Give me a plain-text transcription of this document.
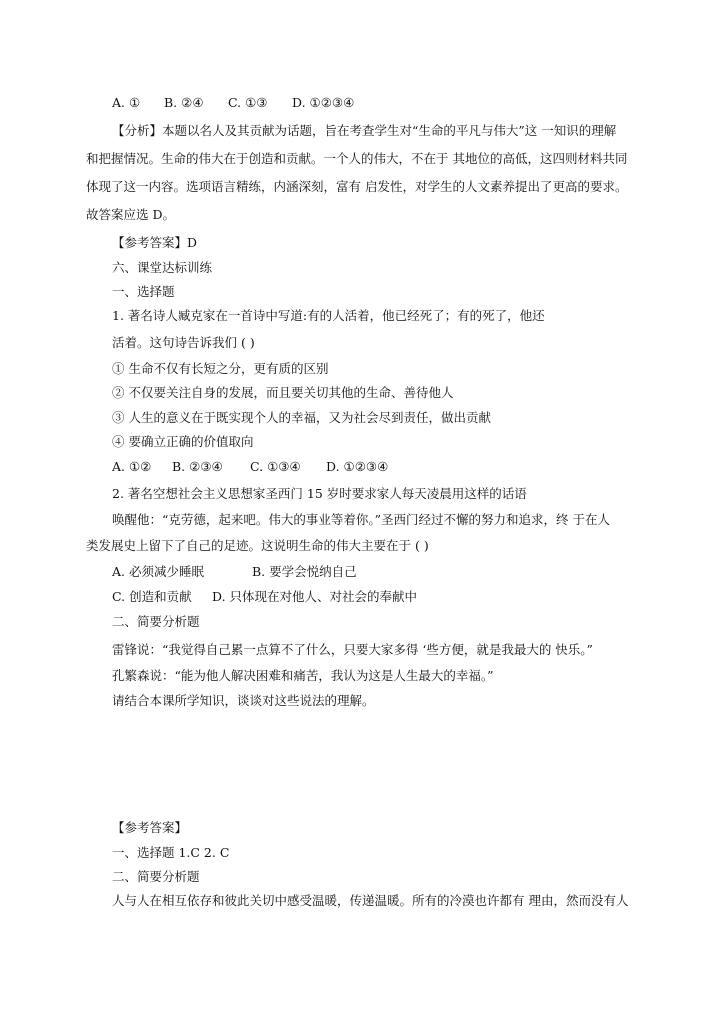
A. ① B. ②④ C. ①③ D. ①②③④
【分析】本题以名人及其贡献为话题，旨在考查学生对“生命的平凡与伟大”这 一知识的理解
和把握情况。生命的伟大在于创造和贡献。一个人的伟大，不在于 其地位的高低，这四则材料共同
体现了这一内容。选项语言精练，内涵深刻，富有 启发性，对学生的人文素养提出了更高的要求。
故答案应选 D。
【参考答案】D
六、课堂达标训练
一、选择题
1. 著名诗人臧克家在一首诗中写道:有的人活着，他已经死了；有的死了，他还
活着。这句诗告诉我们 ( )
① 生命不仅有长短之分，更有质的区别
② 不仅要关注自身的发展，而且要关切其他的生命、善待他人
③ 人生的意义在于既实现个人的幸福，又为社会尽到责任，做出贡献
④ 要确立正确的价值取向
A. ①② B. ②③④ C. ①③④ D. ①②③④
2. 著名空想社会主义思想家圣西门 15 岁时要求家人每天凌晨用这样的话语
唤醒他：“克劳德，起来吧。伟大的事业等着你。”圣西门经过不懈的努力和追求，终 于在人
类发展史上留下了自己的足迹。这说明生命的伟大主要在于 ( )
A. 必须减少睡眠	B. 要学会悦纳自己
C. 创造和贡献 D. 只体现在对他人、对社会的奉献中
二、简要分析题
雷锋说：“我觉得自己累一点算不了什么，只要大家多得 ‘些方便，就是我最大的 快乐。”
孔繁森说：“能为他人解决困难和痛苦，我认为这是人生最大的幸福。”
请结合本课所学知识，谈谈对这些说法的理解。
【参考答案】
一、选择题 1.C 2. C
二、简要分析题
人与人在相互依存和彼此关切中感受温暖，传递温暖。所有的冷漠也许都有 理由，然而没有人
